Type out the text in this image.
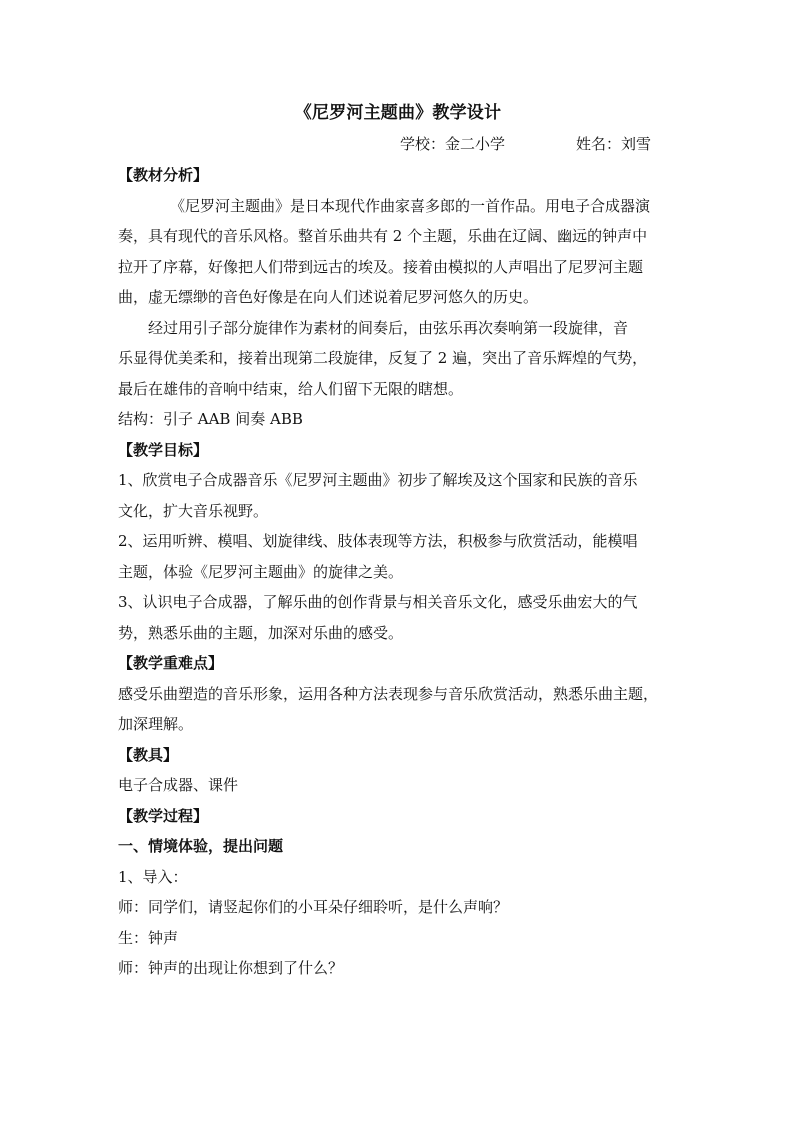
《尼罗河主题曲》教学设计
学校：金二小学	姓名：刘雪
【教材分析】
《尼罗河主题曲》是日本现代作曲家喜多郎的一首作品。用电子合成器演
奏，具有现代的音乐风格。整首乐曲共有 2 个主题，乐曲在辽阔、幽远的钟声中
拉开了序幕，好像把人们带到远古的埃及。接着由模拟的人声唱出了尼罗河主题
曲，虚无缥缈的音色好像是在向人们述说着尼罗河悠久的历史。
经过用引子部分旋律作为素材的间奏后，由弦乐再次奏响第一段旋律，音
乐显得优美柔和，接着出现第二段旋律，反复了 2 遍，突出了音乐辉煌的气势，
最后在雄伟的音响中结束，给人们留下无限的瞎想。
结构：引子 AAB 间奏 ABB
【教学目标】
1、欣赏电子合成器音乐《尼罗河主题曲》初步了解埃及这个国家和民族的音乐
文化，扩大音乐视野。
2、运用听辨、模唱、划旋律线、肢体表现等方法，积极参与欣赏活动，能模唱
主题，体验《尼罗河主题曲》的旋律之美。
3、认识电子合成器，了解乐曲的创作背景与相关音乐文化，感受乐曲宏大的气
势，熟悉乐曲的主题，加深对乐曲的感受。
【教学重难点】
感受乐曲塑造的音乐形象，运用各种方法表现参与音乐欣赏活动，熟悉乐曲主题，
加深理解。
【教具】
电子合成器、课件
【教学过程】
一、情境体验，提出问题
1、导入：
师：同学们，请竖起你们的小耳朵仔细聆听，是什么声响？
生：钟声
师：钟声的出现让你想到了什么？
